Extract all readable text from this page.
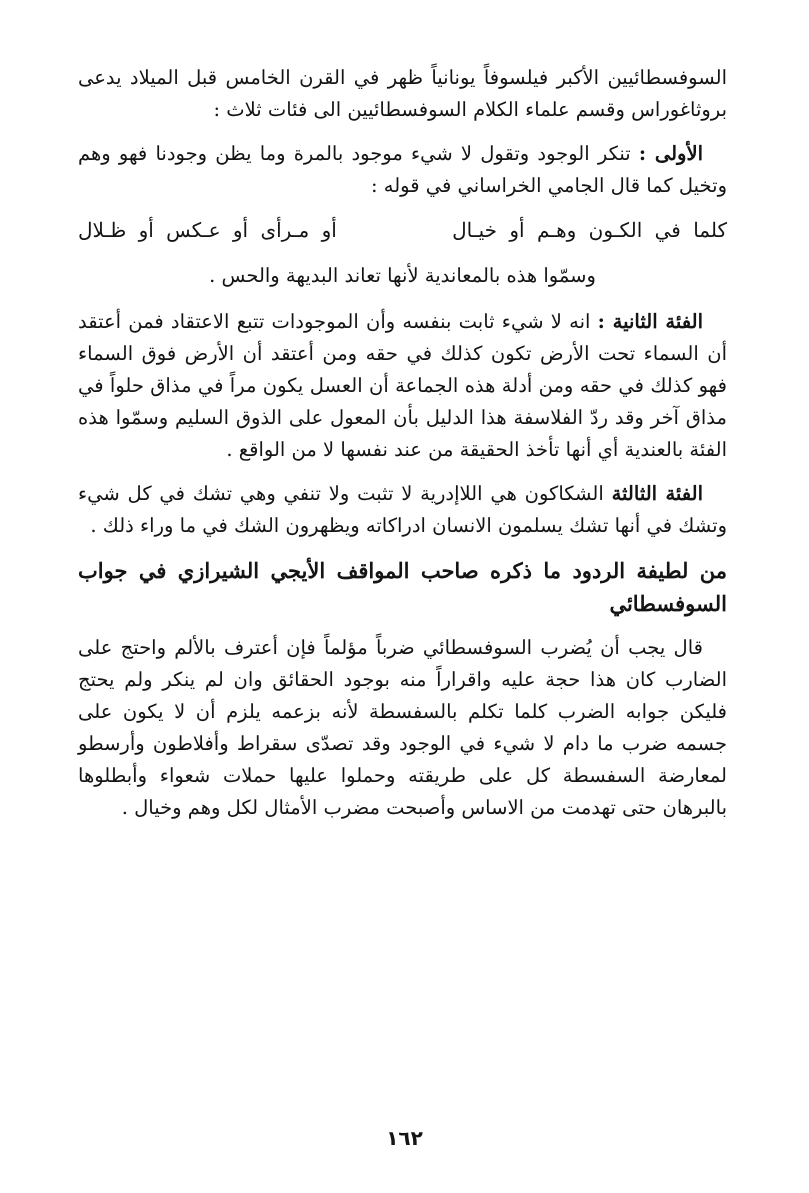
السوفسطائيين الأكبر فيلسوفاً يونانياً ظهر في القرن الخامس قبل الميلاد يدعى بروثاغوراس وقسم علماء الكلام السوفسطائيين الى فئات ثلاث :

الأولى : تنكر الوجود وتقول لا شيء موجود بالمرة وما يظن وجودنا فهو وهم وتخيل كما قال الجامي الخراساني في قوله :

كلما في الكـون وهـم أو خيـال
أو مـرأى أو عـكس أو ظـلال

وسمّوا هذه بالمعاندية لأنها تعاند البديهة والحس .

الفئة الثانية : انه لا شيء ثابت بنفسه وأن الموجودات تتبع الاعتقاد فمن أعتقد أن السماء تحت الأرض تكون كذلك في حقه ومن أعتقد أن الأرض فوق السماء فهو كذلك في حقه ومن أدلة هذه الجماعة أن العسل يكون مراً في مذاق حلواً في مذاق آخر وقد ردّ الفلاسفة هذا الدليل بأن المعول على الذوق السليم وسمّوا هذه الفئة بالعندية أي أنها تأخذ الحقيقة من عند نفسها لا من الواقع .

الفئة الثالثة الشكاكون هي اللاإدرية لا تثبت ولا تنفي وهي تشك في كل شيء وتشك في أنها تشك يسلمون الانسان ادراكاته ويظهرون الشك في ما وراء ذلك .

من لطيفة الردود ما ذكره صاحب المواقف الأيجي الشيرازي في جواب السوفسطائي

قال يجب أن يُضرب السوفسطائي ضرباً مؤلماً فإن أعترف بالألم واحتج على الضارب كان هذا حجة عليه واقراراً منه بوجود الحقائق وان لم ينكر ولم يحتج فليكن جوابه الضرب كلما تكلم بالسفسطة لأنه بزعمه يلزم أن لا يكون على جسمه ضرب ما دام لا شيء في الوجود وقد تصدّى سقراط وأفلاطون وأرسطو لمعارضة السفسطة كل على طريقته وحملوا عليها حملات شعواء وأبطلوها بالبرهان حتى تهدمت من الاساس وأصبحت مضرب الأمثال لكل وهم وخيال .

١٦٢
